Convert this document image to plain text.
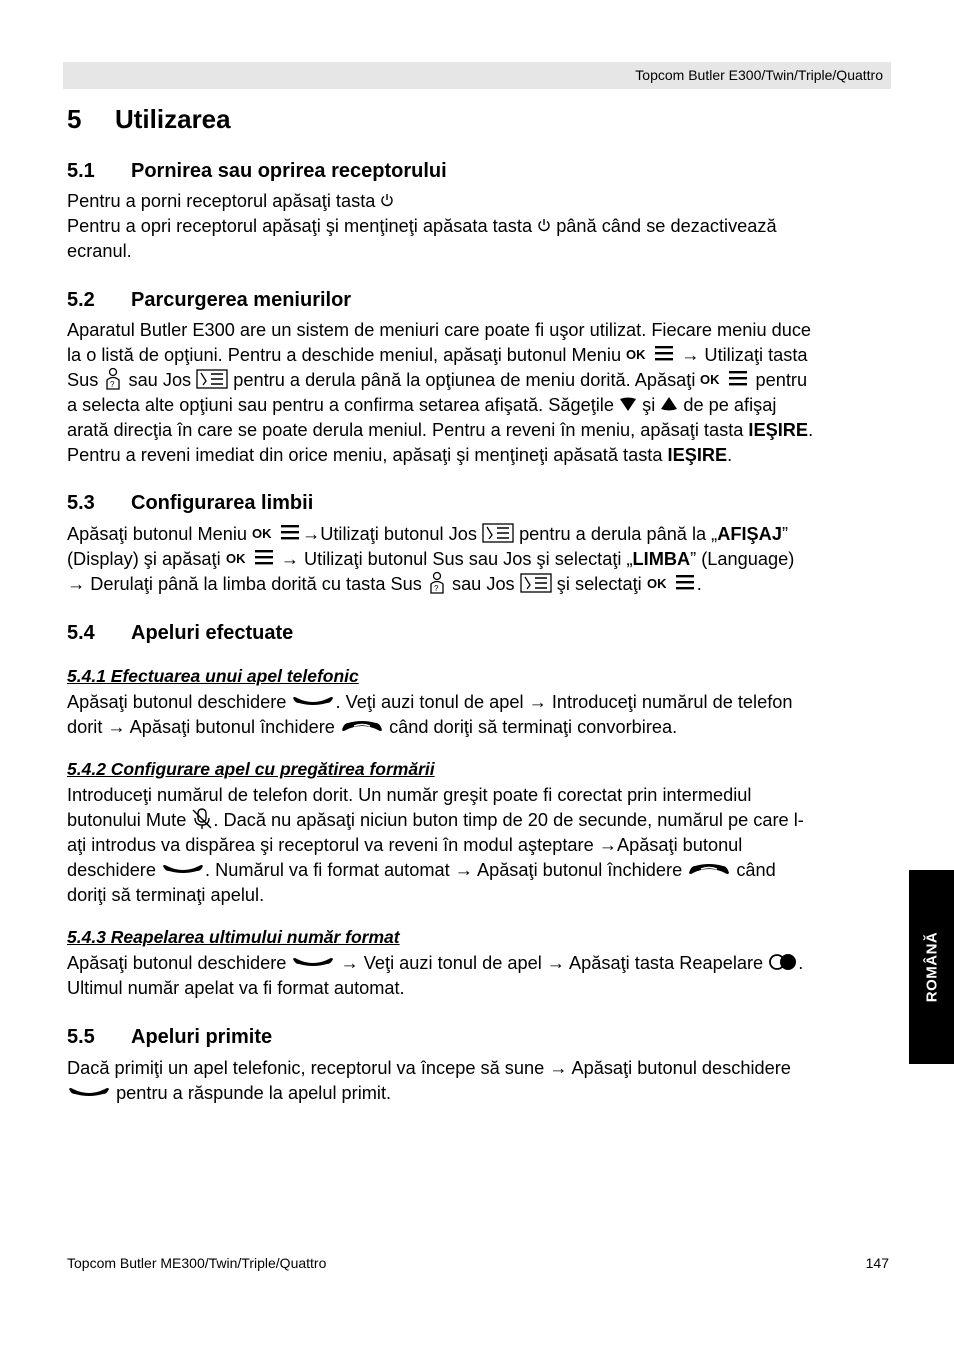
Topcom Butler E300/Twin/Triple/Quattro
ROMÂNĂ
5 Utilizarea
5.1 Pornirea sau oprirea receptorului
Pentru a porni receptorul apăsaţi tasta
Pentru a opri receptorul apăsaţi şi menţineţi apăsata tasta până când se dezactivează
ecranul.
5.2 Parcurgerea meniurilor
Aparatul Butler E300 are un sistem de meniuri care poate fi uşor utilizat. Fiecare meniu duce
la o listă de opţiuni. Pentru a deschide meniul, apăsaţi butonul Meniu OK → Utilizaţi tasta
Sus ? sau Jos pentru a derula până la opţiunea de meniu dorită. Apăsaţi OK pentru
a selecta alte opţiuni sau pentru a confirma setarea afişată. Săgeţile şi de pe afişaj
arată direcţia în care se poate derula meniul. Pentru a reveni în meniu, apăsaţi tasta IEŞIRE.
Pentru a reveni imediat din orice meniu, apăsaţi şi menţineţi apăsată tasta IEŞIRE.
5.3 Configurarea limbii
Apăsaţi butonul Meniu OK →Utilizaţi butonul Jos pentru a derula până la „AFIŞAJ”
(Display) şi apăsaţi OK → Utilizaţi butonul Sus sau Jos şi selectaţi „LIMBA” (Language)
→ Derulaţi până la limba dorită cu tasta Sus ? sau Jos şi selectaţi OK .
5.4 Apeluri efectuate
5.4.1 Efectuarea unui apel telefonic
Apăsaţi butonul deschidere	. Veţi auzi tonul de apel → Introduceţi numărul de telefon
dorit → Apăsaţi butonul închidere	când doriţi să terminaţi convorbirea.
5.4.2 Configurare apel cu pregătirea formării
Introduceţi numărul de telefon dorit. Un număr greşit poate fi corectat prin intermediul
butonului Mute . Dacă nu apăsaţi niciun buton timp de 20 de secunde, numărul pe care l-
aţi introdus va dispărea şi receptorul va reveni în modul aşteptare →Apăsaţi butonul
deschidere	. Numărul va fi format automat → Apăsaţi butonul închidere	când
doriţi să terminaţi apelul.
5.4.3 Reapelarea ultimului număr format
Apăsaţi butonul deschidere	→ Veţi auzi tonul de apel → Apăsaţi tasta Reapelare .
Ultimul număr apelat va fi format automat.
5.5 Apeluri primite
Dacă primiţi un apel telefonic, receptorul va începe să sune → Apăsaţi butonul deschidere
pentru a răspunde la apelul primit.
Topcom Butler ME300/Twin/Triple/Quattro	147
